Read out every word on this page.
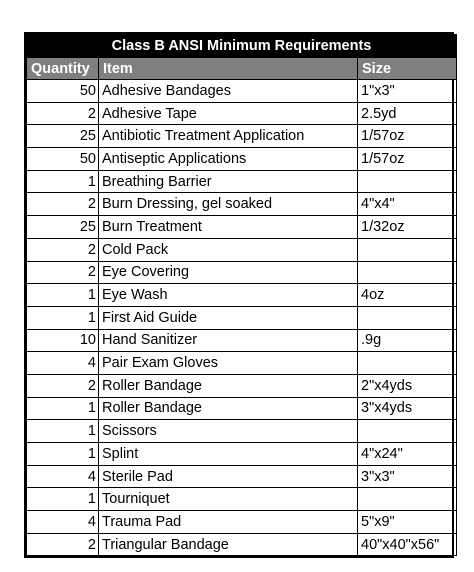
Class B ANSI Minimum Requirements		
Quantity	Item	Size
50	Adhesive Bandages	1"x3"
2	Adhesive Tape	2.5yd
25	Antibiotic Treatment Application	1/57oz
50	Antiseptic Applications	1/57oz
1	Breathing Barrier	
2	Burn Dressing, gel soaked	4"x4"
25	Burn Treatment	1/32oz
2	Cold Pack	
2	Eye Covering	
1	Eye Wash	4oz
1	First Aid Guide	
10	Hand Sanitizer	.9g
4	Pair Exam Gloves	
2	Roller Bandage	2"x4yds
1	Roller Bandage	3"x4yds
1	Scissors	
1	Splint	4"x24"
4	Sterile Pad	3"x3"
1	Tourniquet	
4	Trauma Pad	5"x9"
2	Triangular Bandage	40"x40"x56"
